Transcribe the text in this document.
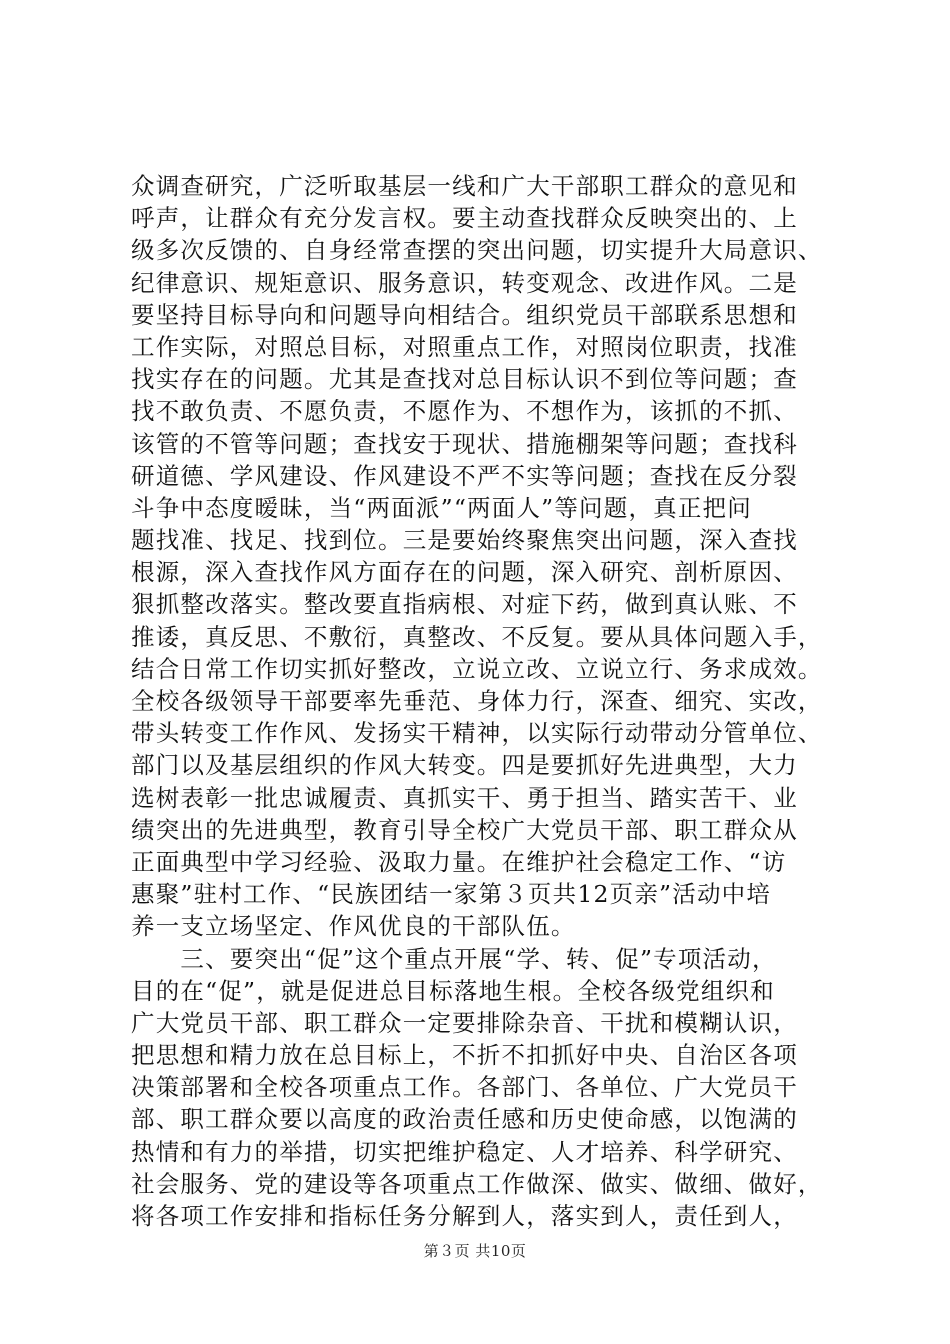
众调查研究，广泛听取基层一线和广大干部职工群众的意见和
呼声，让群众有充分发言权。要主动查找群众反映突出的、上
级多次反馈的、自身经常查摆的突出问题，切实提升大局意识、
纪律意识、规矩意识、服务意识，转变观念、改进作风。二是
要坚持目标导向和问题导向相结合。组织党员干部联系思想和
工作实际，对照总目标，对照重点工作，对照岗位职责，找准
找实存在的问题。尤其是查找对总目标认识不到位等问题；查
找不敢负责、不愿负责，不愿作为、不想作为，该抓的不抓、
该管的不管等问题；查找安于现状、措施棚架等问题；查找科
研道德、学风建设、作风建设不严不实等问题；查找在反分裂
斗争中态度暧昧，当“两面派”“两面人”等问题，真正把问
题找准、找足、找到位。三是要始终聚焦突出问题，深入查找
根源，深入查找作风方面存在的问题，深入研究、剖析原因、
狠抓整改落实。整改要直指病根、对症下药，做到真认账、不
推诿，真反思、不敷衍，真整改、不反复。要从具体问题入手，
结合日常工作切实抓好整改，立说立改、立说立行、务求成效。
全校各级领导干部要率先垂范、身体力行，深查、细究、实改，
带头转变工作作风、发扬实干精神，以实际行动带动分管单位、
部门以及基层组织的作风大转变。四是要抓好先进典型，大力
选树表彰一批忠诚履责、真抓实干、勇于担当、踏实苦干、业
绩突出的先进典型，教育引导全校广大党员干部、职工群众从
正面典型中学习经验、汲取力量。在维护社会稳定工作、“访
惠聚”驻村工作、“民族团结一家第３页共12页亲”活动中培
养一支立场坚定、作风优良的干部队伍。
　　三、要突出“促”这个重点开展“学、转、促”专项活动，
目的在“促”，就是促进总目标落地生根。全校各级党组织和
广大党员干部、职工群众一定要排除杂音、干扰和模糊认识，
把思想和精力放在总目标上，不折不扣抓好中央、自治区各项
决策部署和全校各项重点工作。各部门、各单位、广大党员干
部、职工群众要以高度的政治责任感和历史使命感，以饱满的
热情和有力的举措，切实把维护稳定、人才培养、科学研究、
社会服务、党的建设等各项重点工作做深、做实、做细、做好，
将各项工作安排和指标任务分解到人，落实到人，责任到人，
第３页 共10页
